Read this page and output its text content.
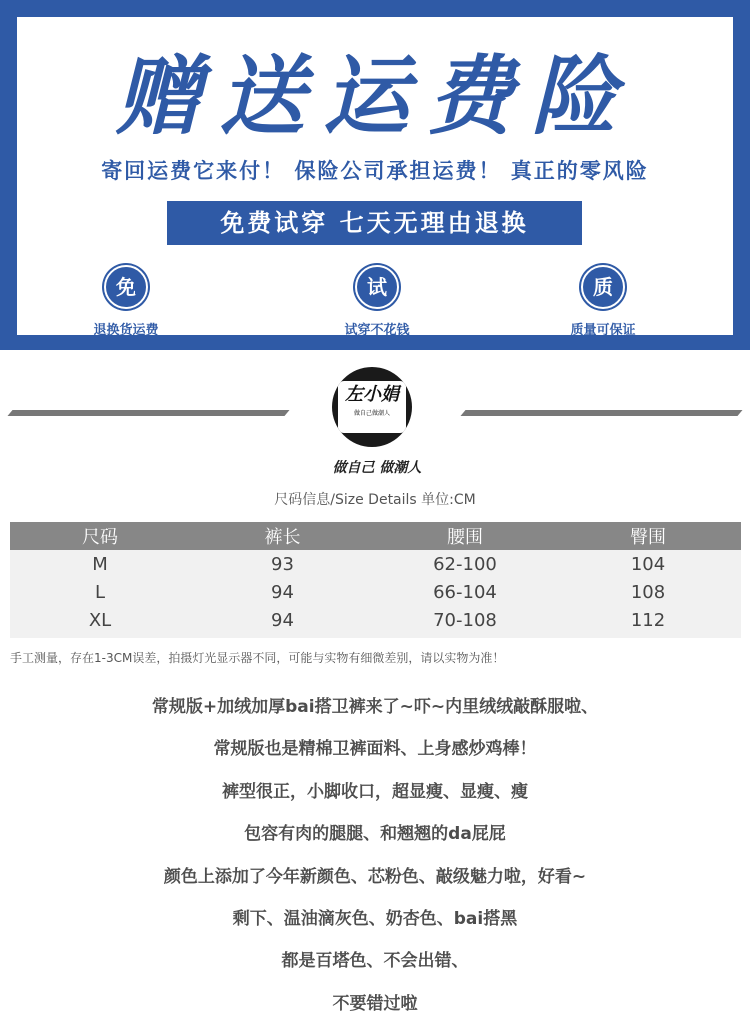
赠送运费险
寄回运费它来付！ 保险公司承担运费！ 真正的零风险
免费试穿 七天无理由退换
免
退换货运费
试
试穿不花钱
质
质量可保证
左小娟
做自己做潮人
做自己 做潮人
尺码信息/Size Details 单位:CM
尺码	裤长	腰围	臀围
M	93	62-100	104
L	94	66-104	108
XL	94	70-108	112
手工测量，存在1-3CM误差，拍摄灯光显示器不同，可能与实物有细微差别，请以实物为准！

常规版+加绒加厚bai搭卫裤来了~吓~内里绒绒敲酥服啦、

常规版也是精棉卫裤面料、上身感炒鸡棒！

裤型很正，小脚收口，超显瘦、显瘦、瘦

包容有肉的腿腿、和翘翘的da屁屁

颜色上添加了今年新颜色、芯粉色、敲级魅力啦，好看~

剩下、温油滴灰色、奶杏色、bai搭黑

都是百塔色、不会出错、

不要错过啦
